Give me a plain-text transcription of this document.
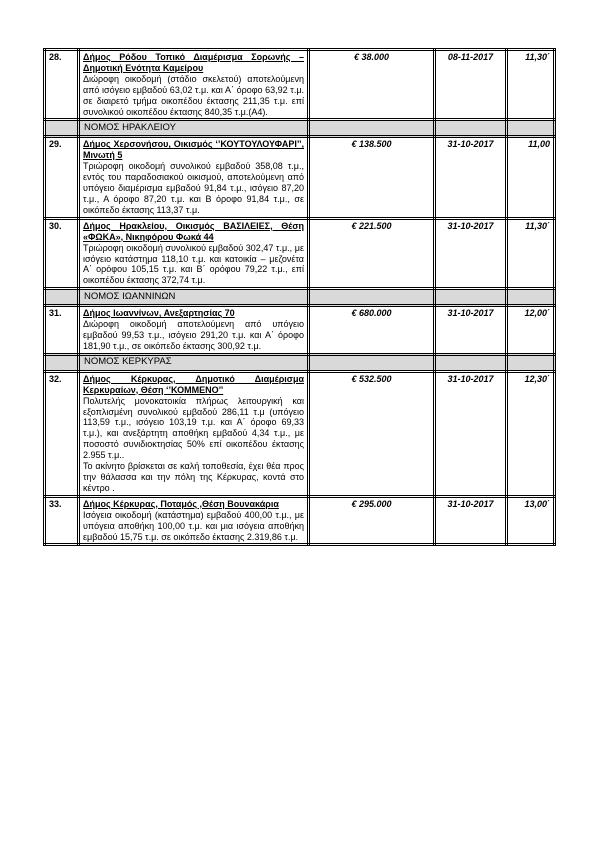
28.	Δήμος Ρόδου Τοπικό Διαμέρισμα Σορωνής –Δημοτική Ενότητα Καμείρου
Διώροφη οικοδομή (στάδιο σκελετού) αποτελούμενη από ισόγειο εμβαδού 63,02 τ.μ. και Α΄ όροφο 63,92 τ.μ. σε διαιρετό τμήμα οικοπέδου έκτασης 211,35 τ.μ. επί συνολικού οικοπέδου έκτασης 840,35 τ.μ.(Α4).	€ 38.000	08-11-2017	11,30΄
	ΝΟΜΟΣ ΗΡΑΚΛΕΙΟΥ			
29.	Δήμος Χερσονήσου, Οικισμός ‘’ΚΟΥΤΟΥΛΟΥΦΑΡΙ’’, Μινωτή 5
Τριώροφη οικοδομή συνολικού εμβαδού 358,08 τ.μ., εντός του παραδοσιακού οικισμού, αποτελούμενη από υπόγειο διαμέρισμα εμβαδού 91,84 τ.μ., ισόγειο 87,20 τ.μ., Α όροφο 87,20 τ.μ. και Β όροφο 91,84 τ.μ., σε οικόπεδο έκτασης 113,37 τ.μ.	€ 138.500	31-10-2017	11,00
30.	Δήμος Ηρακλείου, Οικισμός ΒΑΣΙΛΕΙΕΣ, Θέση «ΦΩΚΑ», Νικηφόρου Φωκά 44
Τριώροφη οικοδομή συνολικού εμβαδού 302,47 τ.μ., με ισόγειο κατάστημα 118,10 τ.μ. και κατοικία – μεζονέτα Α΄ ορόφου 105,15 τ.μ. και Β΄ ορόφου 79,22 τ.μ., επί οικοπέδου έκτασης 372,74 τ.μ.	€ 221.500	31-10-2017	11,30΄
	ΝΟΜΟΣ ΙΩΑΝΝΙΝΩΝ			
31.	Δήμος Ιωαννίνων, Ανεξαρτησίας 70
Διώροφη οικοδομή αποτελούμενη από υπόγειο εμβαδού 99,53 τ.μ., ισόγειο 291,20 τ.μ. και Α΄ όροφο 181,90 τ.μ., σε οικόπεδο έκτασης 300,92 τ.μ.	€ 680.000	31-10-2017	12,00΄
	ΝΟΜΟΣ ΚΕΡΚΥΡΑΣ			
32.	Δήμος Κέρκυρας, Δημοτικό Διαμέρισμα Κερκυραίων, Θέση ‘’ΚΟΜΜΕΝΟ’’
Πολυτελής μονοκατοικία πλήρως λειτουργική και εξοπλισμένη συνολικού εμβαδού 286,11 τ.μ (υπόγειο 113,59 τ.μ., ισόγειο 103,19 τ.μ. και Α΄ όροφο 69,33 τ.μ.), και ανεξάρτητη αποθήκη εμβαδού 4,34 τ.μ., με ποσοστό συνιδιοκτησίας 50% επί οικοπέδου έκτασης 2.955 τ.μ..
Το ακίνητο βρίσκεται σε καλή τοποθεσία, έχει θέα προς την θάλασσα και την πόλη της Κέρκυρας, κοντά στο κέντρο .	€ 532.500	31-10-2017	12,30΄
33.	Δήμος Κέρκυρας, Ποταμός ,Θέση Βουνακάρια
Ισόγεια οικοδομή (κατάστημα) εμβαδού 400,00 τ.μ., με υπόγεια αποθήκη 100,00 τ.μ. και μια ισόγεια αποθήκη εμβαδού 15,75 τ.μ. σε οικόπεδο έκτασης 2.319,86 τ.μ.	€ 295.000	31-10-2017	13,00΄
